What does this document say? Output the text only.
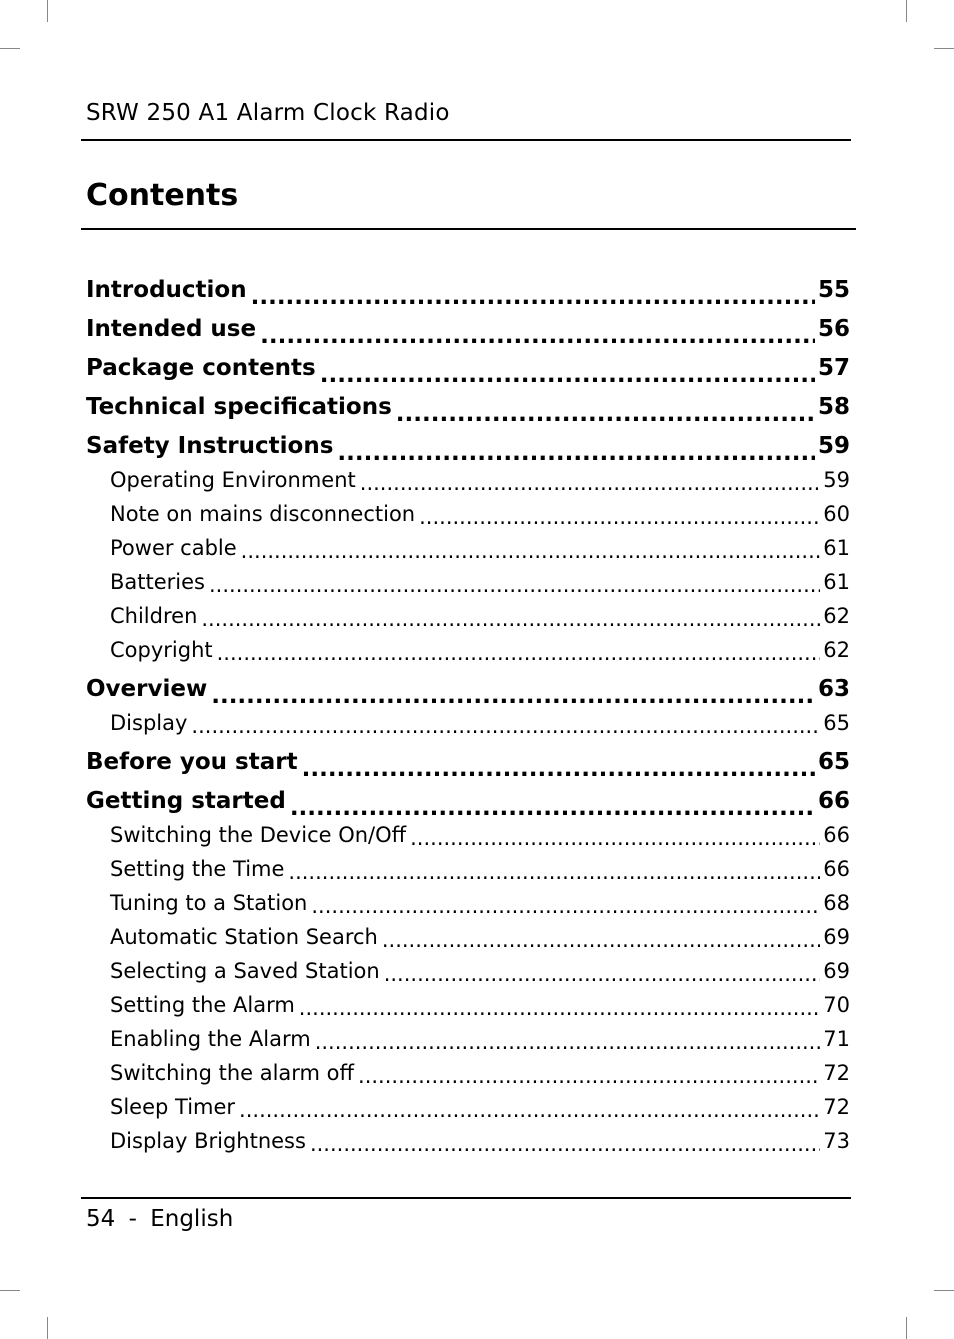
SRW 250 A1 Alarm Clock Radio
Contents
Introduction .....	55
Intended use .....	56
Package contents .....	57
Technical specifications .....	58
Safety Instructions .....	59
Operating Environment .....	59
Note on mains disconnection .....	60
Power cable .....	61
Batteries .....	61
Children .....	62
Copyright .....	62
Overview .....	63
Display .....	65
Before you start .....	65
Getting started .....	66
Switching the Device On/Off .....	66
Setting the Time .....	66
Tuning to a Station .....	68
Automatic Station Search .....	69
Selecting a Saved Station .....	69
Setting the Alarm .....	70
Enabling the Alarm .....	71
Switching the alarm off .....	72
Sleep Timer .....	72
Display Brightness .....	73
54 - English
